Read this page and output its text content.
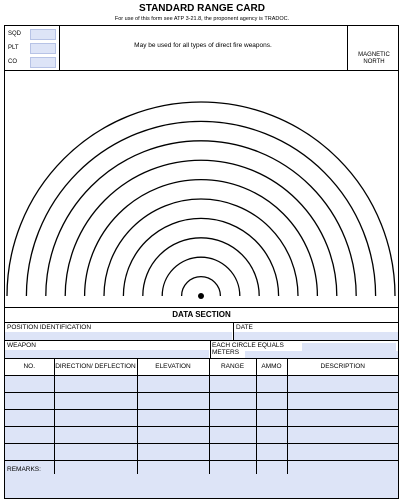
STANDARD RANGE CARD
For use of this form see ATP 3-21.8, the proponent agency is TRADOC.
SQD
PLT
CO
May be used for all types of direct fire weapons.
MAGNETIC
NORTH
DATA SECTION
POSITION IDENTIFICATION	DATE
WEAPON	EACH CIRCLE EQUALS
METERS
NO.	DIRECTION/ DEFLECTION	ELEVATION	RANGE	AMMO	DESCRIPTION

REMARKS:
